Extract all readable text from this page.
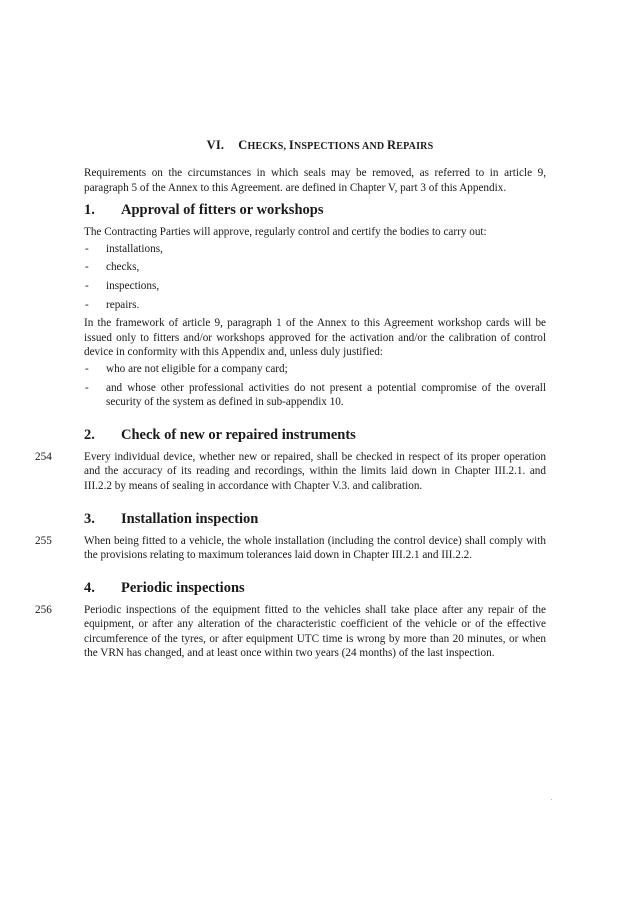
VI. CHECKS, INSPECTIONS AND REPAIRS

Requirements on the circumstances in which seals may be removed, as referred to in article 9, paragraph 5 of the Annex to this Agreement. are defined in Chapter V, part 3 of this Appendix.

1.	Approval of fitters or workshops

The Contracting Parties will approve, regularly control and certify the bodies to carry out:

- installations,
- checks,
- inspections,
- repairs.

In the framework of article 9, paragraph 1 of the Annex to this Agreement workshop cards will be issued only to fitters and/or workshops approved for the activation and/or the calibration of control device in conformity with this Appendix and, unless duly justified:

- who are not eligible for a company card;
- and whose other professional activities do not present a potential compromise of the overall security of the system as defined in sub-appendix 10.
2.	Check of new or repaired instruments
254	Every individual device, whether new or repaired, shall be checked in respect of its proper operation and the accuracy of its reading and recordings, within the limits laid down in Chapter III.2.1. and III.2.2 by means of sealing in accordance with Chapter V.3. and calibration.

3.	Installation inspection
255	When being fitted to a vehicle, the whole installation (including the control device) shall comply with the provisions relating to maximum tolerances laid down in Chapter III.2.1 and III.2.2.

4.	Periodic inspections
256	Periodic inspections of the equipment fitted to the vehicles shall take place after any repair of the equipment, or after any alteration of the characteristic coefficient of the vehicle or of the effective circumference of the tyres, or after equipment UTC time is wrong by more than 20 minutes, or when the VRN has changed, and at least once within two years (24 months) of the last inspection.
